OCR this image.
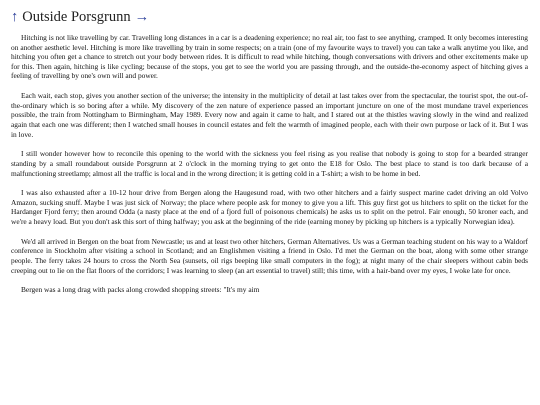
↑ Outside Porsgrunn →

Hitching is not like travelling by car. Travelling long distances in a car is a deadening experience; no real air, too fast to see anything, cramped. It only becomes interesting on another aesthetic level. Hitching is more like travelling by train in some respects; on a train (one of my favourite ways to travel) you can take a walk anytime you like, and hitching you often get a chance to stretch out your body between rides. It is difficult to read while hitching, though conversations with drivers and other excitements make up for this. Then again, hitching is like cycling; because of the stops, you get to see the world you are passing through, and the outside-the-economy aspect of hitching gives a feeling of travelling by one's own will and power.

Each wait, each stop, gives you another section of the universe; the intensity in the multiplicity of detail at last takes over from the spectacular, the tourist spot, the out-of-the-ordinary which is so boring after a while. My discovery of the zen nature of experience passed an important juncture on one of the most mundane travel experiences possible, the train from Nottingham to Birmingham, May 1989. Every now and again it came to halt, and I stared out at the thistles waving slowly in the wind and realized again that each one was different; then I watched small houses in council estates and felt the warmth of imagined people, each with their own purpose or lack of it. But I was in love.

I still wonder however how to reconcile this opening to the world with the sickness you feel rising as you realise that nobody is going to stop for a bearded stranger standing by a small roundabout outside Porsgrunn at 2 o'clock in the morning trying to get onto the E18 for Oslo. The best place to stand is too dark because of a malfunctioning streetlamp; almost all the traffic is local and in the wrong direction; it is getting cold in a T-shirt; a wish to be home in bed.

I was also exhausted after a 10-12 hour drive from Bergen along the Haugesund road, with two other hitchers and a fairly suspect marine cadet driving an old Volvo Amazon, sucking snuff. Maybe I was just sick of Norway; the place where people ask for money to give you a lift. This guy first got us hitchers to split on the ticket for the Hardanger Fjord ferry; then around Odda (a nasty place at the end of a fjord full of poisonous chemicals) he asks us to split on the petrol. Fair enough, 50 kroner each, and we're a heavy load. But you don't ask this sort of thing halfway; you ask at the beginning of the ride (earning money by picking up hitchers is a typically Norwegian idea).

We'd all arrived in Bergen on the boat from Newcastle; us and at least two other hitchers, German Alternatives. Us was a German teaching student on his way to a Waldorf conference in Stockholm after visiting a school in Scotland; and an Englishmen visiting a friend in Oslo. I'd met the German on the boat, along with some other strange people. The ferry takes 24 hours to cross the North Sea (sunsets, oil rigs beeping like small computers in the fog); at night many of the chair sleepers without cabin beds creeping out to lie on the flat floors of the corridors; I was learning to sleep (an art essential to travel) still; this time, with a hair-band over my eyes, I woke late for once.

Bergen was a long drag with packs along crowded shopping streets: "It's my aim
